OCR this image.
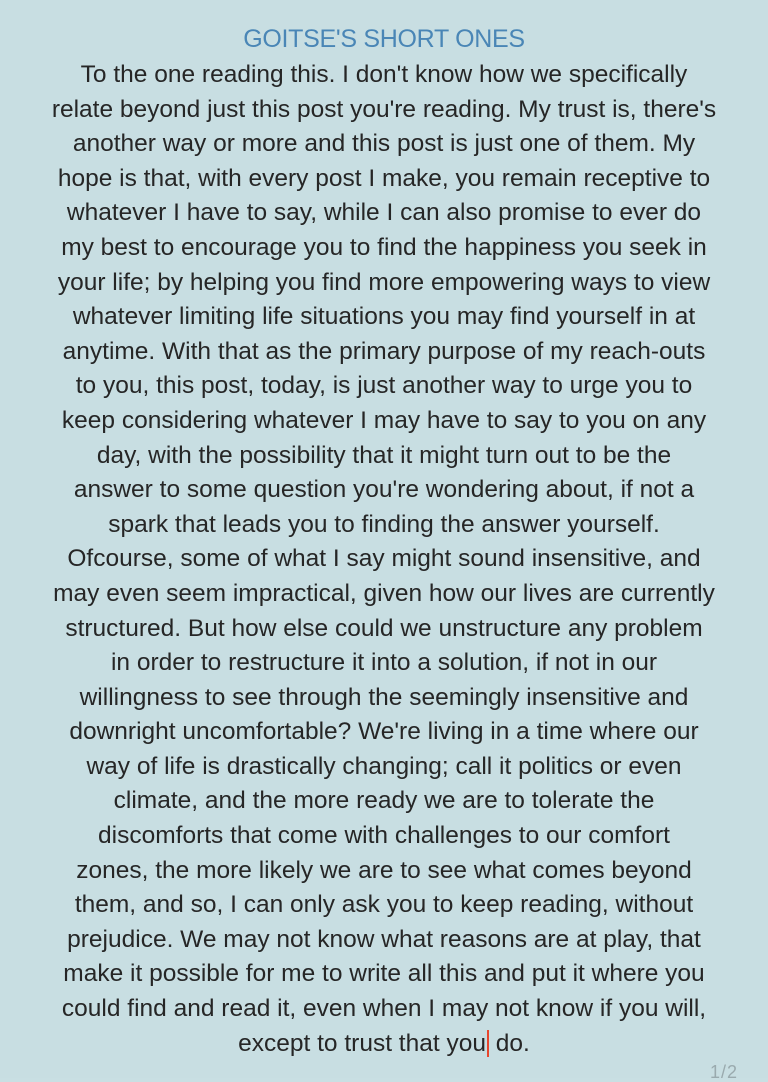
GOITSE'S SHORT ONES
To the one reading this. I don't know how we specifically
relate beyond just this post you're reading. My trust is, there's
another way or more and this post is just one of them. My
hope is that, with every post I make, you remain receptive to
whatever I have to say, while I can also promise to ever do
my best to encourage you to find the happiness you seek in
your life; by helping you find more empowering ways to view
whatever limiting life situations you may find yourself in at
anytime. With that as the primary purpose of my reach-outs
to you, this post, today, is just another way to urge you to
keep considering whatever I may have to say to you on any
day, with the possibility that it might turn out to be the
answer to some question you're wondering about, if not a
spark that leads you to finding the answer yourself.
Ofcourse, some of what I say might sound insensitive, and
may even seem impractical, given how our lives are currently
structured. But how else could we unstructure any problem
in order to restructure it into a solution, if not in our
willingness to see through the seemingly insensitive and
downright uncomfortable? We're living in a time where our
way of life is drastically changing; call it politics or even
climate, and the more ready we are to tolerate the
discomforts that come with challenges to our comfort
zones, the more likely we are to see what comes beyond
them, and so, I can only ask you to keep reading, without
prejudice. We may not know what reasons are at play, that
make it possible for me to write all this and put it where you
could find and read it, even when I may not know if you will,
except to trust that you do.
1/2
